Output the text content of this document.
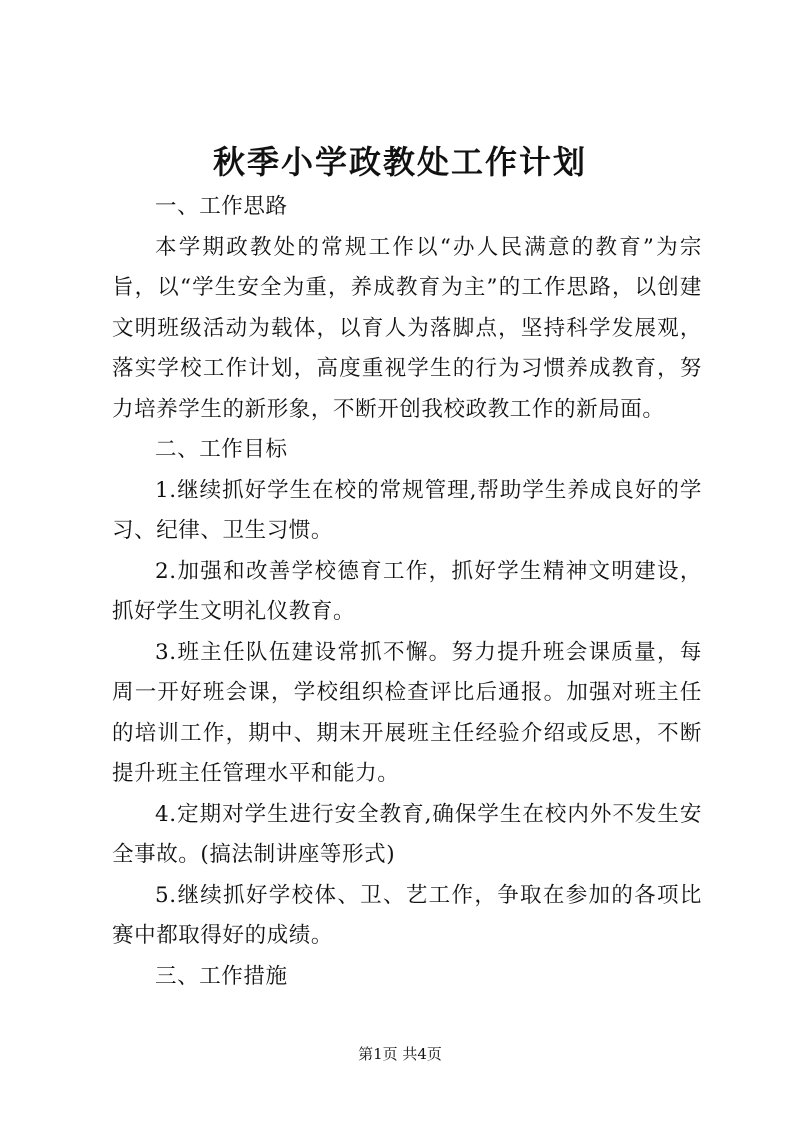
秋季小学政教处工作计划

一、工作思路

本学期政教处的常规工作以“办人民满意的教育”为宗旨，以“学生安全为重，养成教育为主”的工作思路，以创建文明班级活动为载体，以育人为落脚点，坚持科学发展观，落实学校工作计划，高度重视学生的行为习惯养成教育，努力培养学生的新形象，不断开创我校政教工作的新局面。

二、工作目标

1.继续抓好学生在校的常规管理,帮助学生养成良好的学习、纪律、卫生习惯。

2.加强和改善学校德育工作，抓好学生精神文明建设，抓好学生文明礼仪教育。

3.班主任队伍建设常抓不懈。努力提升班会课质量，每周一开好班会课，学校组织检查评比后通报。加强对班主任的培训工作，期中、期末开展班主任经验介绍或反思，不断提升班主任管理水平和能力。

4.定期对学生进行安全教育,确保学生在校内外不发生安全事故。(搞法制讲座等形式)

5.继续抓好学校体、卫、艺工作，争取在参加的各项比赛中都取得好的成绩。

三、工作措施

第1页 共4页
